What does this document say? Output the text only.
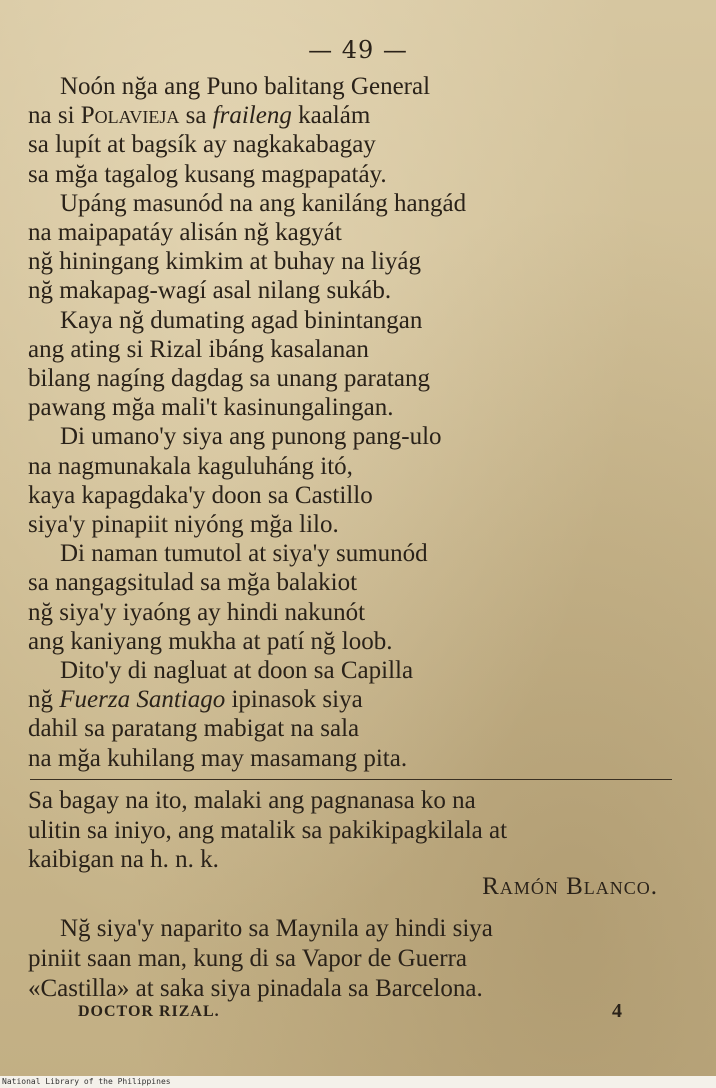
— 49 —
Noón nğa ang Puno balitang General
na si Polavieja sa fraileng kaalám
sa lupít at bagsík ay nagkakabagay
sa mğa tagalog kusang magpapatáy.
Upáng masunód na ang kaniláng hangád
na maipapatáy alisán nğ kagyát
nğ hiningang kimkim at buhay na liyág
nğ makapag-wagí asal nilang sukáb.
Kaya nğ dumating agad binintangan
ang ating si Rizal ibáng kasalanan
bilang nagíng dagdag sa unang paratang
pawang mğa mali't kasinungalingan.
Di umano'y siya ang punong pang-ulo
na nagmunakala kaguluháng itó,
kaya kapagdaka'y doon sa Castillo
siya'y pinapiit niyóng mğa lilo.
Di naman tumutol at siya'y sumunód
sa nangagsitulad sa mğa balakiot
nğ siya'y iyaóng ay hindi nakunót
ang kaniyang mukha at patí nğ loob.
Dito'y di nagluat at doon sa Capilla
nğ Fuerza Santiago ipinasok siya
dahil sa paratang mabigat na sala
na mğa kuhilang may masamang pita.
Sa bagay na ito, malaki ang pagnanasa ko na
ulitin sa iniyo, ang matalik sa pakikipagkilala at
kaibigan na h. n. k.
Ramón Blanco.
Nğ siya'y naparito sa Maynila ay hindi siya
piniit saan man, kung di sa Vapor de Guerra
«Castilla» at saka siya pinadala sa Barcelona.
DOCTOR RIZAL.	4
National Library of the Philippines
